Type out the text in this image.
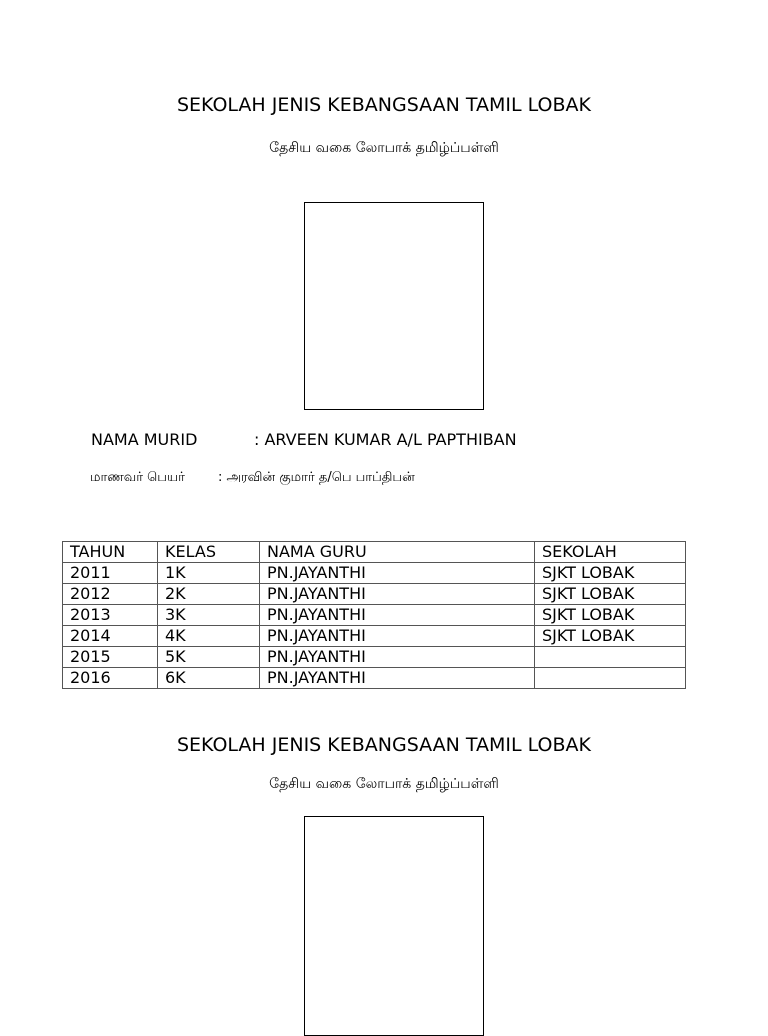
SEKOLAH JENIS KEBANGSAAN TAMIL LOBAK
தேசிய வகை லோபாக் தமிழ்ப்பள்ளி
NAMA MURID	: ARVEEN KUMAR A/L PAPTHIBAN
மாணவர் பெயர்	: அரவின் குமார் த/பெ பாப்திபன்
TAHUN	KELAS	NAMA GURU	SEKOLAH
2011	1K	PN.JAYANTHI	SJKT LOBAK
2012	2K	PN.JAYANTHI	SJKT LOBAK
2013	3K	PN.JAYANTHI	SJKT LOBAK
2014	4K	PN.JAYANTHI	SJKT LOBAK
2015	5K	PN.JAYANTHI	
2016	6K	PN.JAYANTHI	
SEKOLAH JENIS KEBANGSAAN TAMIL LOBAK
தேசிய வகை லோபாக் தமிழ்ப்பள்ளி
